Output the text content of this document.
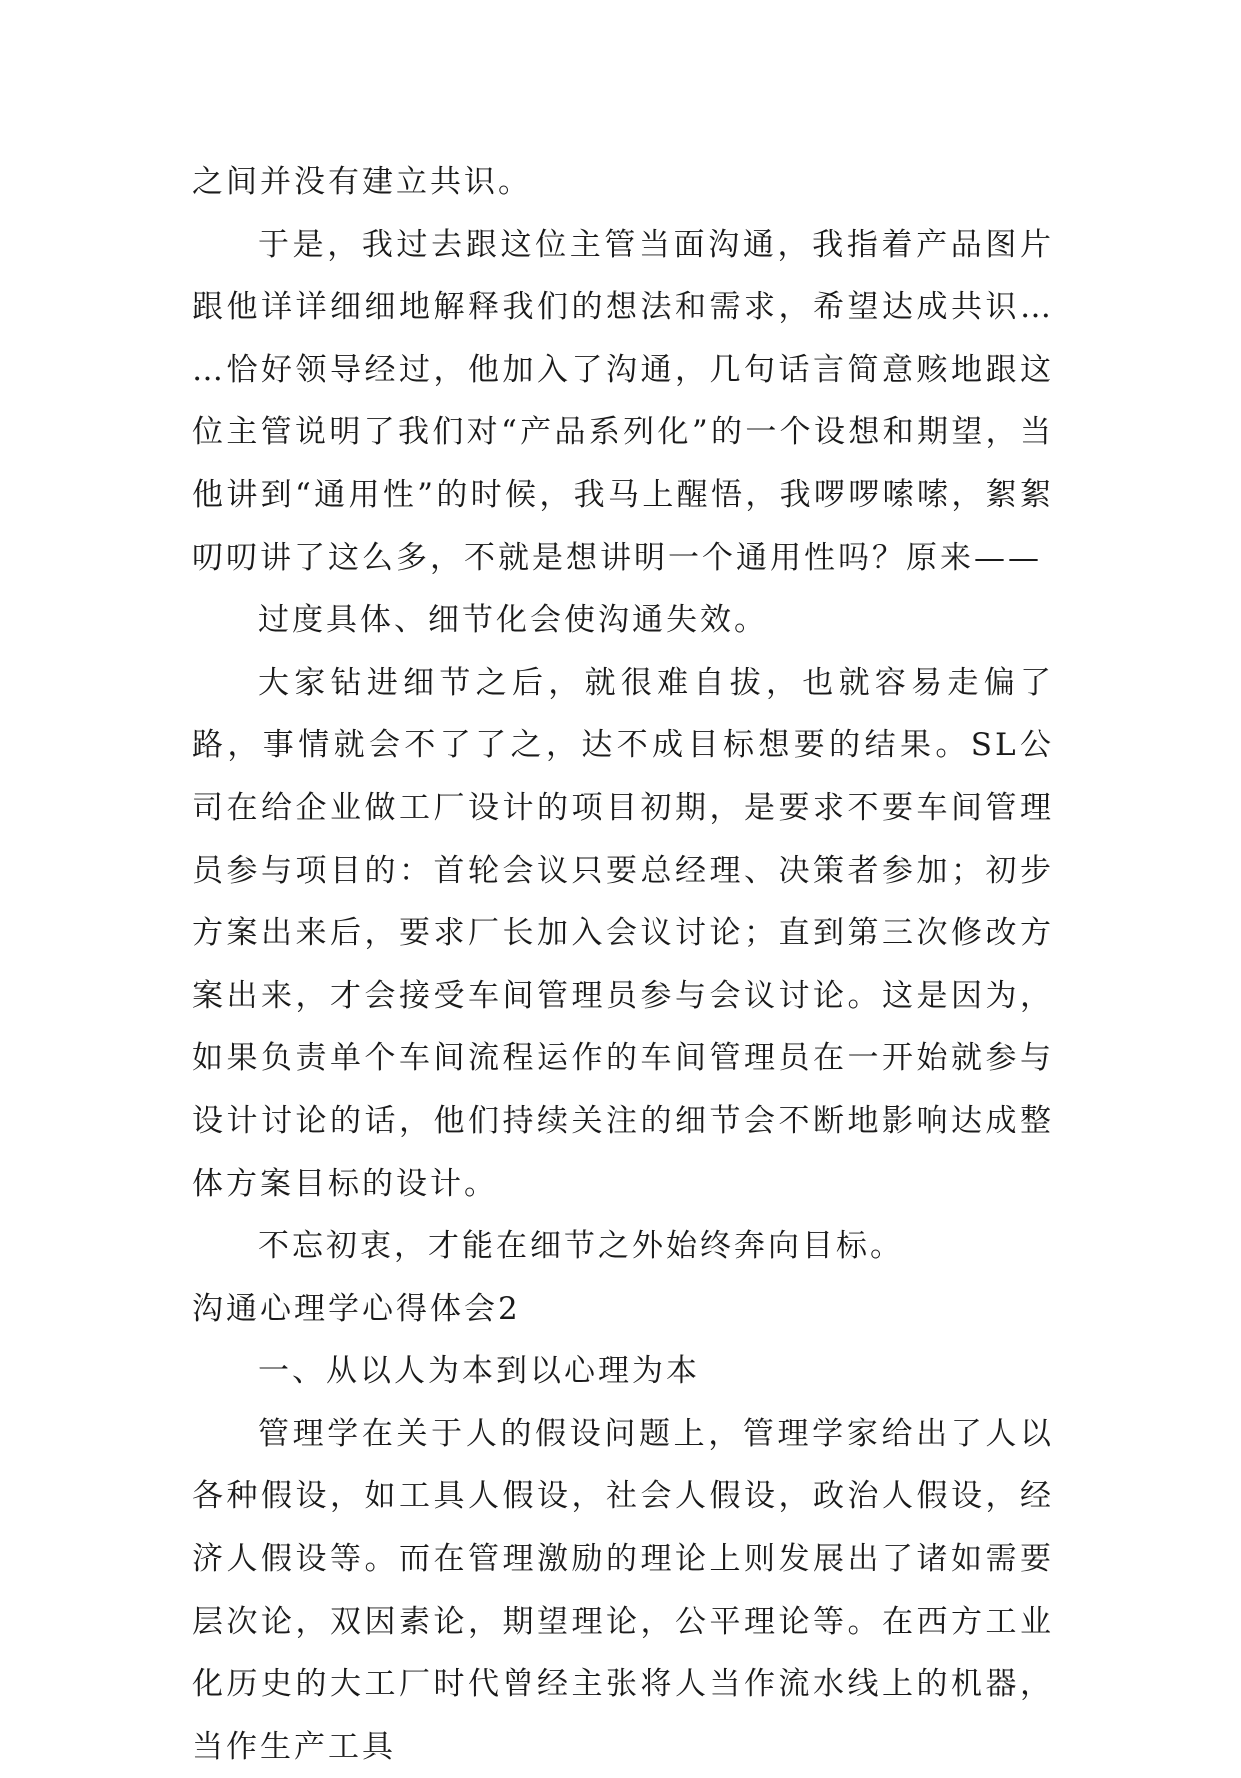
之间并没有建立共识。

于是，我过去跟这位主管当面沟通，我指着产品图片跟他详详细细地解释我们的想法和需求，希望达成共识… …恰好领导经过，他加入了沟通，几句话言简意赅地跟这位主管说明了我们对“产品系列化”的一个设想和期望，当他讲到“通用性”的时候，我马上醒悟，我啰啰嗦嗦，絮絮叨叨讲了这么多，不就是想讲明一个通用性吗？原来——

过度具体、细节化会使沟通失效。

大家钻进细节之后，就很难自拔，也就容易走偏了路，事情就会不了了之，达不成目标想要的结果。SL公司在给企业做工厂设计的项目初期，是要求不要车间管理员参与项目的：首轮会议只要总经理、决策者参加；初步方案出来后，要求厂长加入会议讨论；直到第三次修改方案出来，才会接受车间管理员参与会议讨论。这是因为，如果负责单个车间流程运作的车间管理员在一开始就参与设计讨论的话，他们持续关注的细节会不断地影响达成整体方案目标的设计。

不忘初衷，才能在细节之外始终奔向目标。

沟通心理学心得体会2

一、从以人为本到以心理为本

管理学在关于人的假设问题上，管理学家给出了人以各种假设，如工具人假设，社会人假设，政治人假设，经济人假设等。而在管理激励的理论上则发展出了诸如需要层次论，双因素论，期望理论，公平理论等。在西方工业化历史的大工厂时代曾经主张将人当作流水线上的机器，当作生产工具
